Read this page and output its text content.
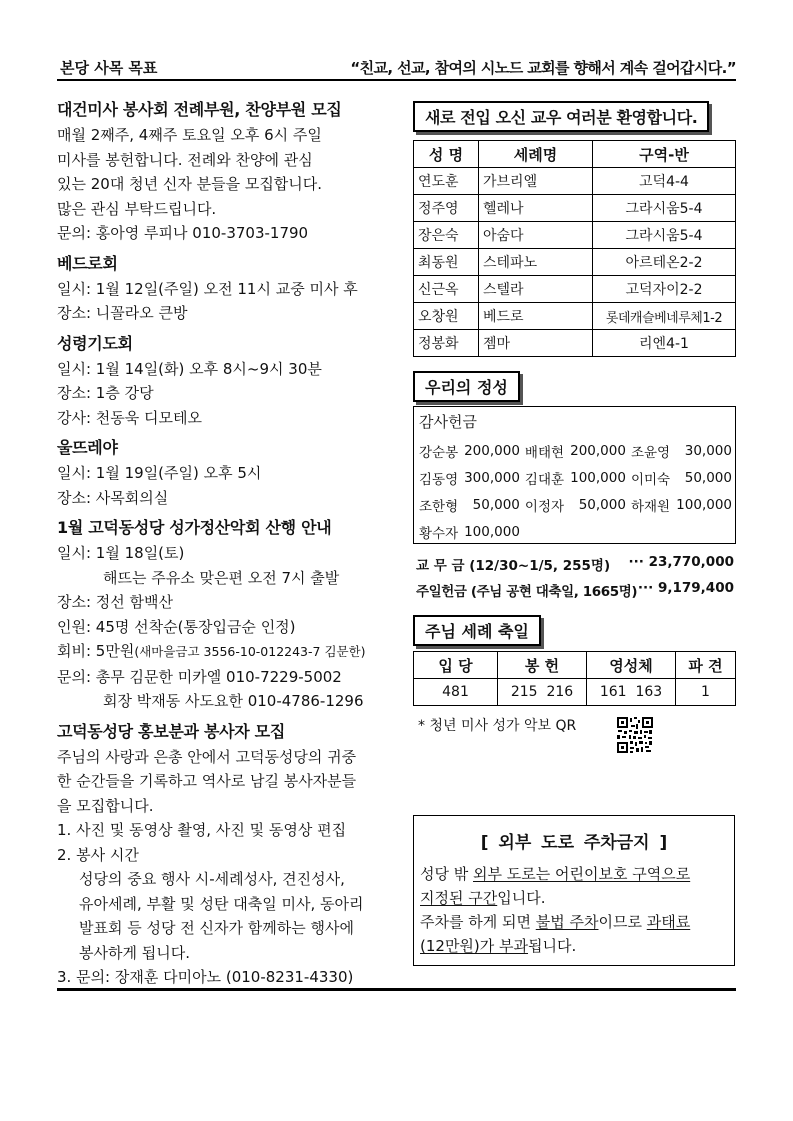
본당 사목 목표	“친교, 선교, 참여의 시노드 교회를 향해서 계속 걸어갑시다.”
대건미사 봉사회 전례부원, 찬양부원 모집

매월 2째주, 4째주 토요일 오후 6시 주일

미사를 봉헌합니다. 전례와 찬양에 관심

있는 20대 청년 신자 분들을 모집합니다.

많은 관심 부탁드립니다.

문의: 홍아영 루피나 010-3703-1790

베드로회

일시: 1월 12일(주일) 오전 11시 교중 미사 후

장소: 니꼴라오 큰방

성령기도회

일시: 1월 14일(화) 오후 8시~9시 30분

장소: 1층 강당

강사: 천동욱 디모테오

울뜨레야

일시: 1월 19일(주일) 오후 5시

장소: 사목회의실

1월 고덕동성당 성가정산악회 산행 안내

일시: 1월 18일(토)

해뜨는 주유소 맞은편 오전 7시 출발

장소: 정선 함백산

인원: 45명 선착순(통장입금순 인정)

회비: 5만원(새마을금고 3556-10-012243-7 김문한)

문의: 총무 김문한 미카엘 010-7229-5002

회장 박재동 사도요한 010-4786-1296

고덕동성당 홍보분과 봉사자 모집

주님의 사랑과 은총 안에서 고덕동성당의 귀중

한 순간들을 기록하고 역사로 남길 봉사자분들

을 모집합니다.

1. 사진 및 동영상 촬영, 사진 및 동영상 편집

2. 봉사 시간

성당의 중요 행사 시-세례성사, 견진성사,

유아세례, 부활 및 성탄 대축일 미사, 동아리

발표회 등 성당 전 신자가 함께하는 행사에

봉사하게 됩니다.

3. 문의: 장재훈 다미아노 (010-8231-4330)

새로 전입 오신 교우 여러분 환영합니다.
성 명	세례명	구역-반
연도훈	가브리엘	고덕4-4
정주영	헬레나	그라시움5-4
장은숙	아숨다	그라시움5-4
최동원	스테파노	아르테온2-2
신근옥	스텔라	고덕자이2-2
오창원	베드로	롯데캐슬베네루체1-2
정봉화	젬마	리엔4-1
우리의 정성
감사헌금
강순봉	200,000	배태현	200,000	조윤영	30,000
김동영	300,000	김대훈	100,000	이미숙	50,000
조한형	50,000	이정자	50,000	하재원	100,000
황수자	100,000				
교 무 금 (12/30~1/5, 255명) ··· 23,770,000
주일헌금 (주님 공현 대축일, 1665명) ··· 9,179,400
주님 세례 축일
입 당	봉 헌	영성체	파 견
481	215  216	161  163	1
* 청년 미사 성가 악보 QR
[ 외부 도로 주차금지 ]
성당 밖 외부 도로는 어린이보호 구역으로
지정된 구간입니다.
주차를 하게 되면 불법 주차이므로 과태료
(12만원)가 부과됩니다.
